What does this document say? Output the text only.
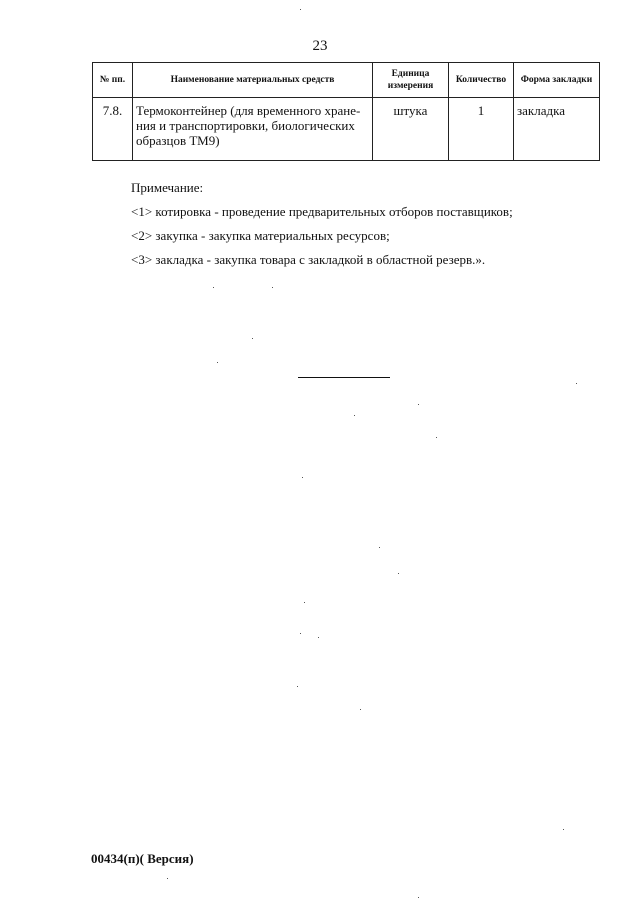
23
№ пп.	Наименование материальных средств	Единица измерения	Количество	Форма закладки
7.8.	Термоконтейнер (для временного хране-ния и транспортировки, биологических образцов ТМ9)	штука	1	закладка
Примечание:
<1> котировка - проведение предварительных отборов поставщиков;
<2> закупка - закупка материальных ресурсов;
<3> закладка - закупка товара с закладкой в областной резерв.».
00434(п)( Версия)
